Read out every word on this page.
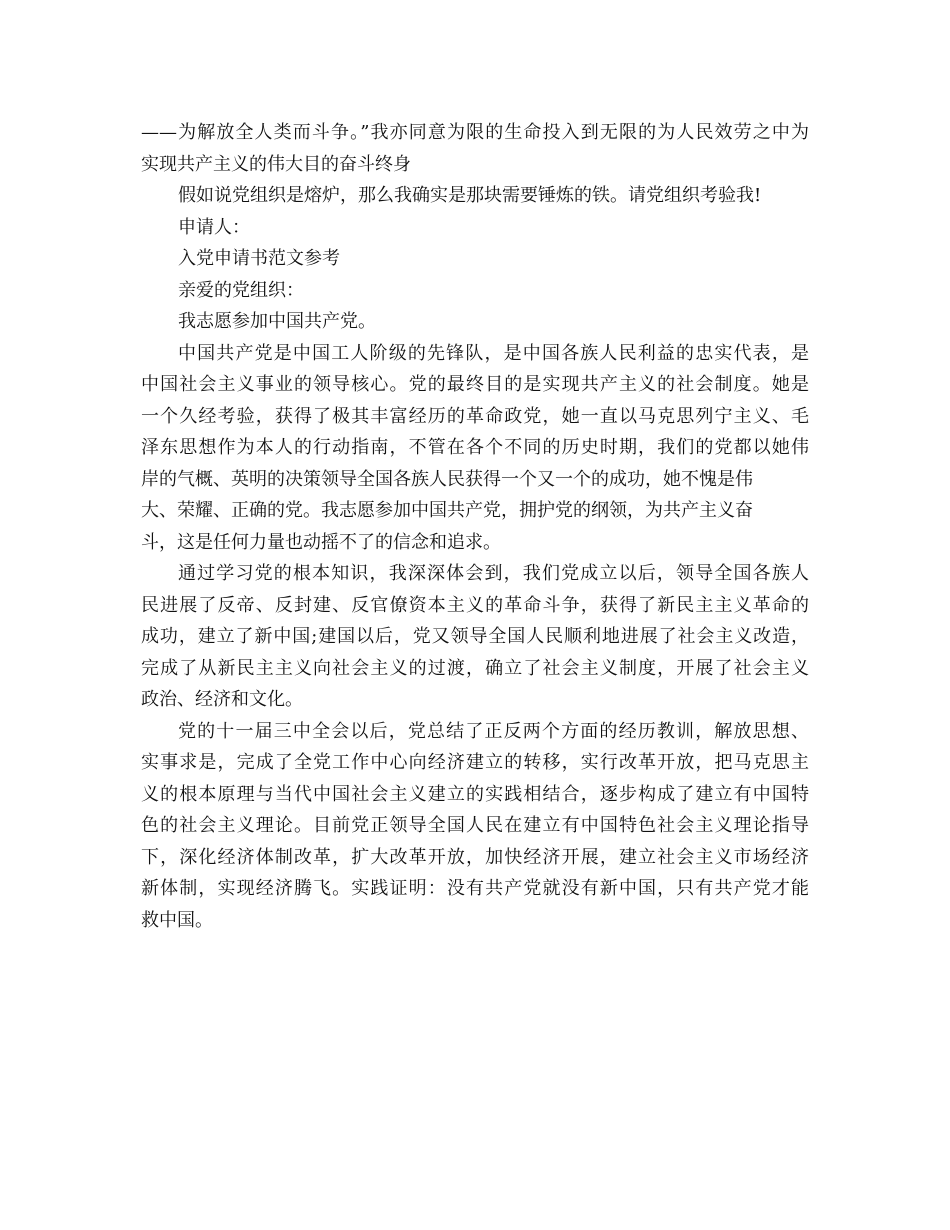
——为解放全人类而斗争。”我亦同意为限的生命投入到无限的为人民效劳之中为
实现共产主义的伟大目的奋斗终身
假如说党组织是熔炉，那么我确实是那块需要锤炼的铁。请党组织考验我!
申请人：
入党申请书范文参考
亲爱的党组织：
我志愿参加中国共产党。
中国共产党是中国工人阶级的先锋队，是中国各族人民利益的忠实代表，是
中国社会主义事业的领导核心。党的最终目的是实现共产主义的社会制度。她是
一个久经考验，获得了极其丰富经历的革命政党，她一直以马克思列宁主义、毛
泽东思想作为本人的行动指南，不管在各个不同的历史时期，我们的党都以她伟
岸的气概、英明的决策领导全国各族人民获得一个又一个的成功，她不愧是伟
大、荣耀、正确的党。我志愿参加中国共产党，拥护党的纲领，为共产主义奋
斗，这是任何力量也动摇不了的信念和追求。
通过学习党的根本知识，我深深体会到，我们党成立以后，领导全国各族人
民进展了反帝、反封建、反官僚资本主义的革命斗争，获得了新民主主义革命的
成功，建立了新中国;建国以后，党又领导全国人民顺利地进展了社会主义改造，
完成了从新民主主义向社会主义的过渡，确立了社会主义制度，开展了社会主义
政治、经济和文化。
党的十一届三中全会以后，党总结了正反两个方面的经历教训，解放思想、
实事求是，完成了全党工作中心向经济建立的转移，实行改革开放，把马克思主
义的根本原理与当代中国社会主义建立的实践相结合，逐步构成了建立有中国特
色的社会主义理论。目前党正领导全国人民在建立有中国特色社会主义理论指导
下，深化经济体制改革，扩大改革开放，加快经济开展，建立社会主义市场经济
新体制，实现经济腾飞。实践证明：没有共产党就没有新中国，只有共产党才能
救中国。
